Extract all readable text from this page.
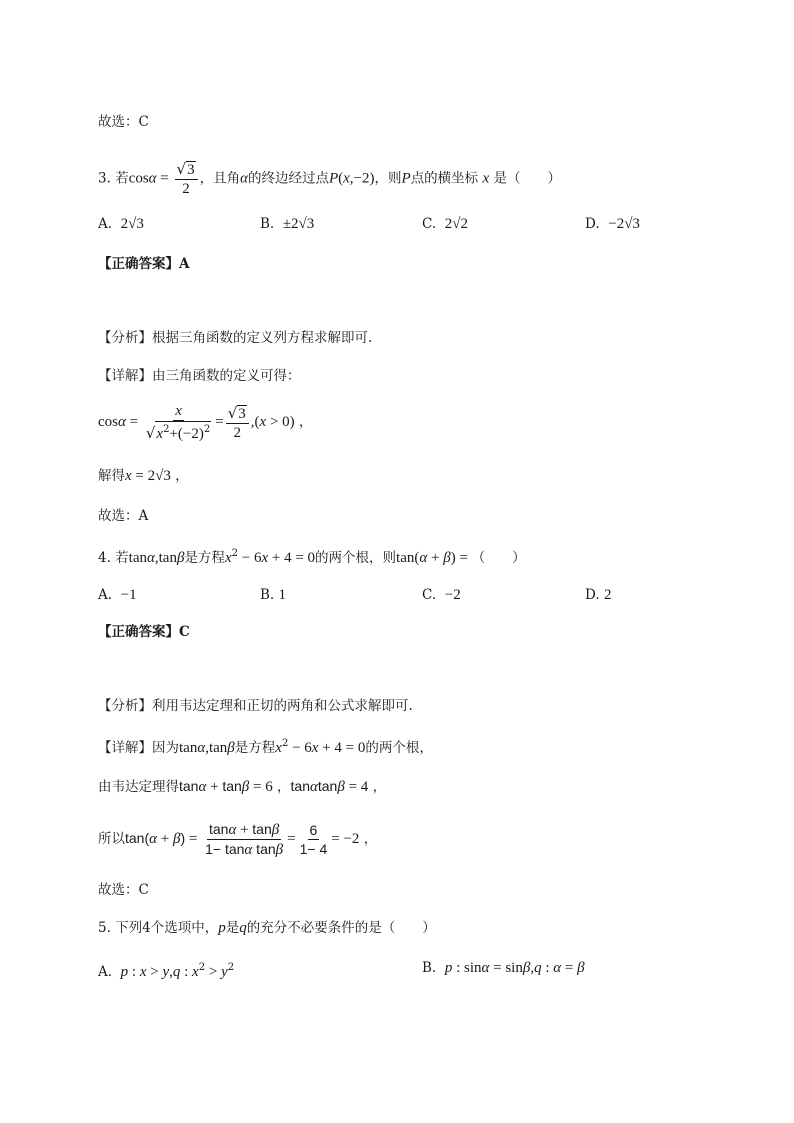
故选：C
3. 若$\cos\alpha = \frac{√3}{2}$ ，且角α的终边经过点P(x,−2)，则P点的横坐标 x 是（　　）
A. 2√3	B. ±2√3	C. 2√2	D. −2√3
【正确答案】A
【分析】根据三角函数的定义列方程求解即可.
【详解】由三角函数的定义可得：
$\cos\alpha = \frac{x}{√x^2+(-2)^2} = \frac{√3}{2} ,(x > 0)$ ，
解得x = 2√3 ，
故选：A
4. 若tanα,tanβ是方程$x^2 - 6x + 4 = 0$的两个根，则tan(α + β) = （　　）
A. −1	B. 1	C. −2	D. 2
【正确答案】C
【分析】利用韦达定理和正切的两角和公式求解即可.
【详解】因为tanα,tanβ是方程$x^2 - 6x + 4 = 0$的两个根，
由韦达定理得tanα + tanβ = 6 ，tanαtanβ = 4 ，
所以$\tan(\alpha + \beta) = \frac{\tan\alpha + \tan\beta}{\text{1− tanα tanβ}} = \frac{6}{1- 4} = -2$ ，
故选：C
5. 下列4个选项中，p是q的充分不必要条件的是（　　）
A. p : x > y,q : $x^2 > y^2$	B. p : sinα = sinβ,q : α = β
